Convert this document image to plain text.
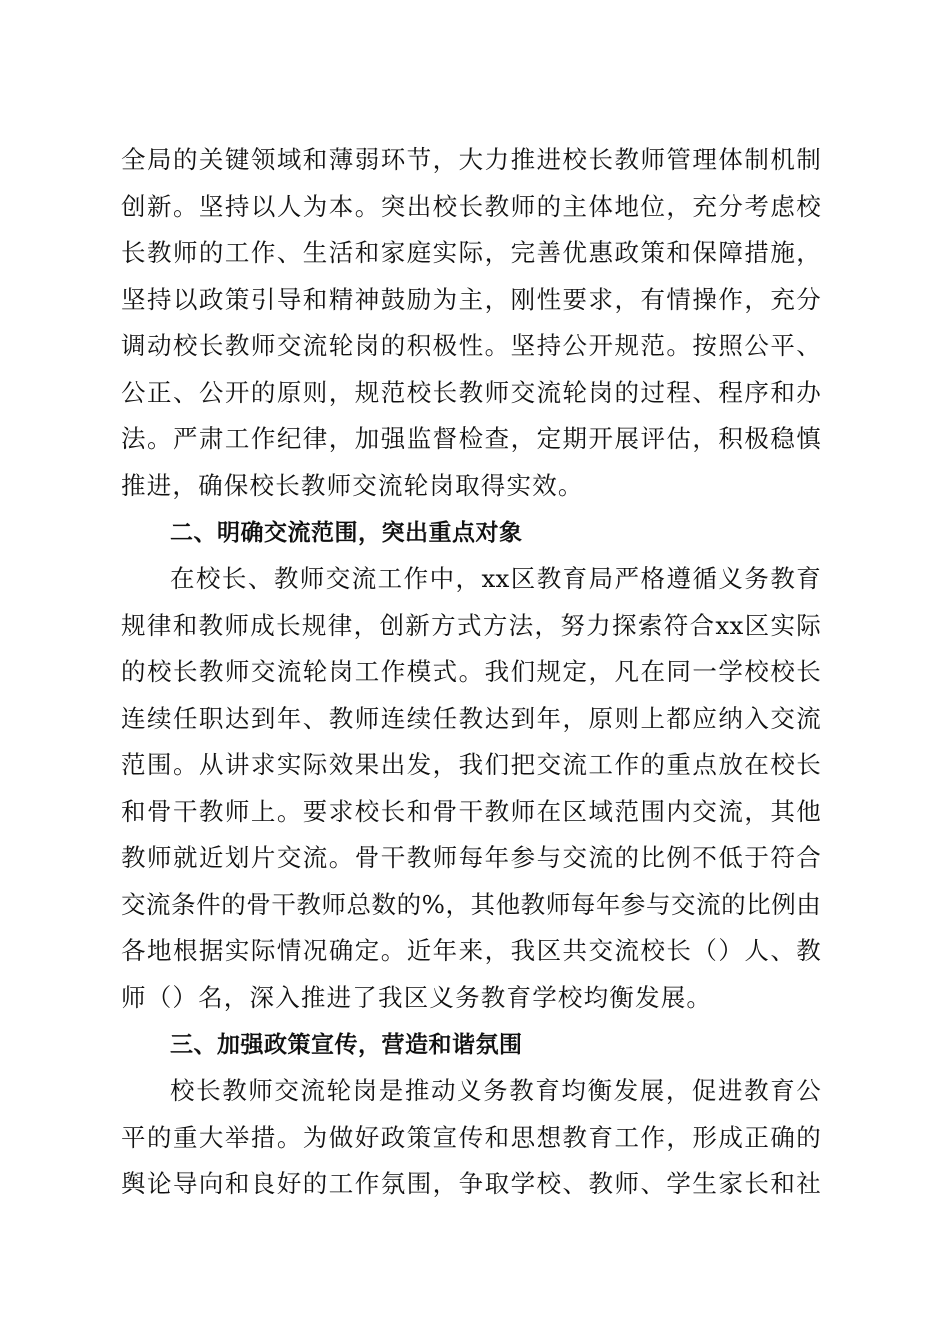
全局的关键领域和薄弱环节，大力推进校长教师管理体制机制
创新。坚持以人为本。突出校长教师的主体地位，充分考虑校
长教师的工作、生活和家庭实际，完善优惠政策和保障措施，
坚持以政策引导和精神鼓励为主，刚性要求，有情操作，充分
调动校长教师交流轮岗的积极性。坚持公开规范。按照公平、
公正、公开的原则，规范校长教师交流轮岗的过程、程序和办
法。严肃工作纪律，加强监督检查，定期开展评估，积极稳慎
推进，确保校长教师交流轮岗取得实效。
二、明确交流范围，突出重点对象
在校长、教师交流工作中，xx区教育局严格遵循义务教育
规律和教师成长规律，创新方式方法，努力探索符合xx区实际
的校长教师交流轮岗工作模式。我们规定，凡在同一学校校长
连续任职达到年、教师连续任教达到年，原则上都应纳入交流
范围。从讲求实际效果出发，我们把交流工作的重点放在校长
和骨干教师上。要求校长和骨干教师在区域范围内交流，其他
教师就近划片交流。骨干教师每年参与交流的比例不低于符合
交流条件的骨干教师总数的%，其他教师每年参与交流的比例由
各地根据实际情况确定。近年来，我区共交流校长（）人、教
师（）名，深入推进了我区义务教育学校均衡发展。
三、加强政策宣传，营造和谐氛围
校长教师交流轮岗是推动义务教育均衡发展，促进教育公
平的重大举措。为做好政策宣传和思想教育工作，形成正确的
舆论导向和良好的工作氛围，争取学校、教师、学生家长和社
